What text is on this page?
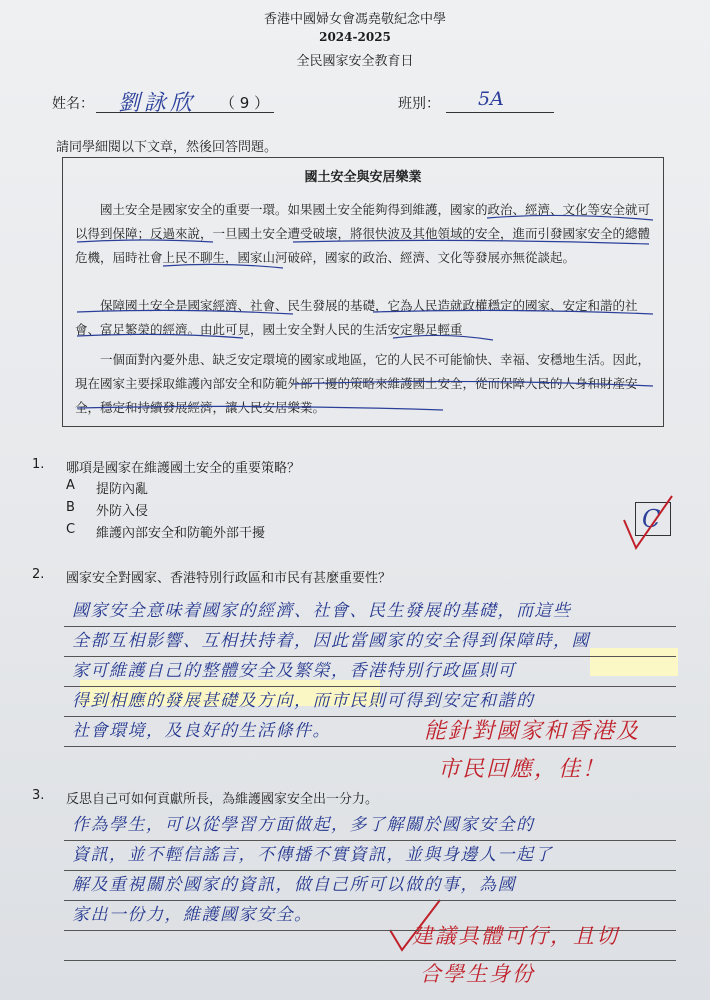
香港中國婦女會馮堯敬紀念中學
2024-2025
全民國家安全教育日
姓名： 劉詠欣 （ 9 ）	班別： 5A
請同學細閱以下文章，然後回答問題。
國土安全與安居樂業
國土安全是國家安全的重要一環。如果國土安全能夠得到維護，國家的政治、經濟、文化等安全就可以得到保障；反過來說，一旦國土安全遭受破壞，將很快波及其他領域的安全，進而引發國家安全的總體危機，屆時社會上民不聊生，國家山河破碎，國家的政治、經濟、文化等發展亦無從談起。
保障國土安全是國家經濟、社會、民生發展的基礎，它為人民造就政權穩定的國家、安定和諧的社會、富足繁榮的經濟。由此可見，國土安全對人民的生活安定舉足輕重
一個面對內憂外患、缺乏安定環境的國家或地區，它的人民不可能愉快、幸福、安穩地生活。因此，現在國家主要採取維護內部安全和防範外部干擾的策略來維護國土安全，從而保障人民的人身和財產安全，穩定和持續發展經濟，讓人民安居樂業。
1. 哪項是國家在維護國土安全的重要策略？
A 提防內亂
B 外防入侵
C 維護內部安全和防範外部干擾
C
2. 國家安全對國家、香港特別行政區和市民有甚麼重要性？
國家安全意味着國家的經濟、社會、民生發展的基礎，而這些
全都互相影響、互相扶持着，因此當國家的安全得到保障時，國
家可維護自己的整體安全及繁榮，香港特別行政區則可
得到相應的發展甚礎及方向，而市民則可得到安定和諧的
社會環境，及良好的生活條件。	能針對國家和香港及
市民回應，佳！
3. 反思自己可如何貢獻所長，為維護國家安全出一分力。
作為學生，可以從學習方面做起，多了解關於國家安全的
資訊，並不輕信謠言，不傳播不實資訊，並與身邊人一起了
解及重視關於國家的資訊，做自己所可以做的事，為國
家出一份力，維護國家安全。
建議具體可行，且切
合學生身份
